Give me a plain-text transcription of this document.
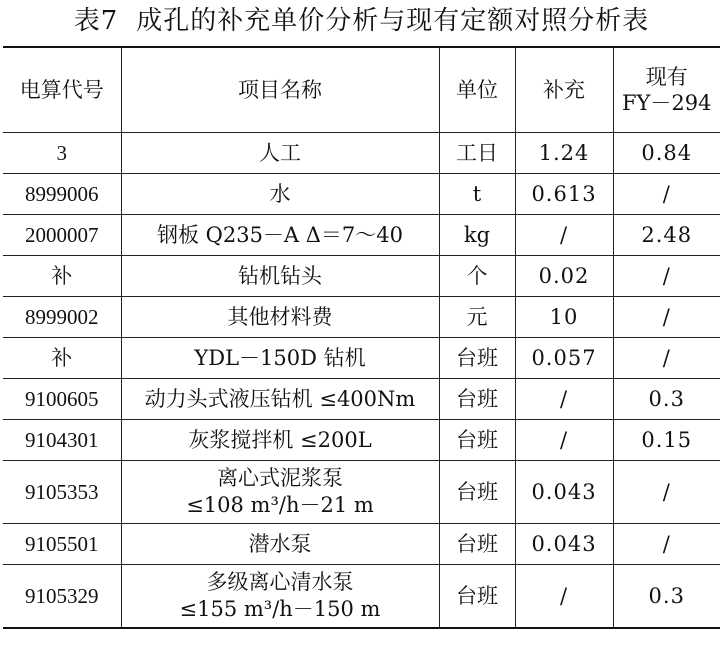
表7 成孔的补充单价分析与现有定额对照分析表
电算代号	项目名称	单位	补充	现有
FY－294

3	人工	工日	1.24	0.84
8999006	水	t	0.613	/
2000007	钢板 Q235－A Δ＝7～40	kg	/	2.48
补	钻机钻头	个	0.02	/
8999002	其他材料费	元	10	/
补	YDL－150D 钻机	台班	0.057	/
9100605	动力头式液压钻机 ≤400Nm	台班	/	0.3
9104301	灰浆搅拌机 ≤200L	台班	/	0.15
9105353	离心式泥浆泵
≤108 m³/h－21 m	台班	0.043	/
9105501	潜水泵	台班	0.043	/
9105329	多级离心清水泵
≤155 m³/h－150 m	台班	/	0.3
